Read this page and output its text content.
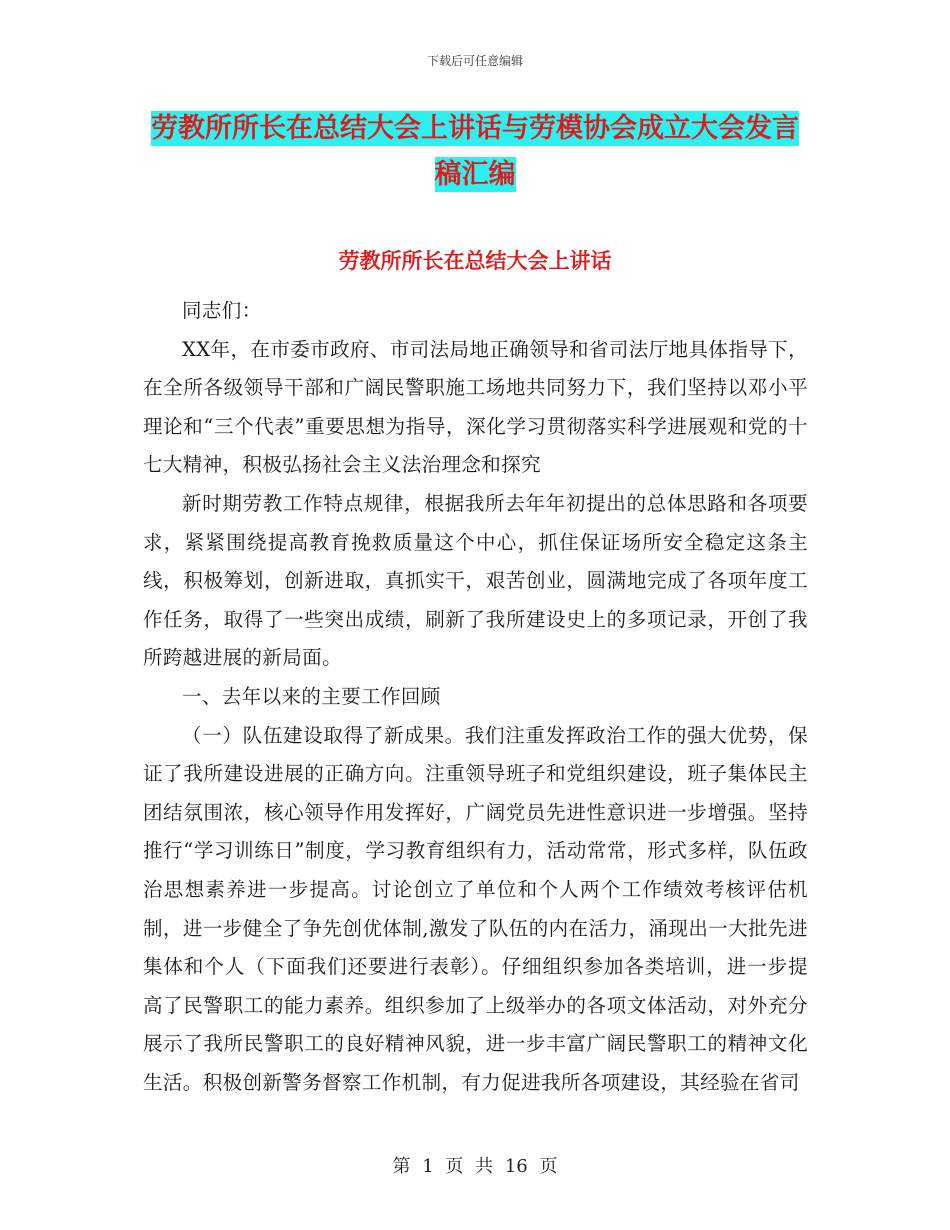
下载后可任意编辑
劳教所所长在总结大会上讲话与劳模协会成立大会发言稿汇编
劳教所所长在总结大会上讲话

同志们：

XX年，在市委市政府、市司法局地正确领导和省司法厅地具体指导下，在全所各级领导干部和广阔民警职施工场地共同努力下，我们坚持以邓小平理论和“三个代表”重要思想为指导，深化学习贯彻落实科学进展观和党的十七大精神，积极弘扬社会主义法治理念和探究

新时期劳教工作特点规律，根据我所去年年初提出的总体思路和各项要求，紧紧围绕提高教育挽救质量这个中心，抓住保证场所安全稳定这条主线，积极筹划，创新进取，真抓实干，艰苦创业，圆满地完成了各项年度工作任务，取得了一些突出成绩，刷新了我所建设史上的多项记录，开创了我所跨越进展的新局面。

一、去年以来的主要工作回顾

（一）队伍建设取得了新成果。我们注重发挥政治工作的强大优势，保证了我所建设进展的正确方向。注重领导班子和党组织建设，班子集体民主团结氛围浓，核心领导作用发挥好，广阔党员先进性意识进一步增强。坚持推行“学习训练日”制度，学习教育组织有力，活动常常，形式多样，队伍政治思想素养进一步提高。讨论创立了单位和个人两个工作绩效考核评估机制，进一步健全了争先创优体制,激发了队伍的内在活力，涌现出一大批先进集体和个人（下面我们还要进行表彰）。仔细组织参加各类培训，进一步提高了民警职工的能力素养。组织参加了上级举办的各项文体活动，对外充分展示了我所民警职工的良好精神风貌，进一步丰富广阔民警职工的精神文化生活。积极创新警务督察工作机制，有力促进我所各项建设，其经验在省司

第 1 页 共 16 页
